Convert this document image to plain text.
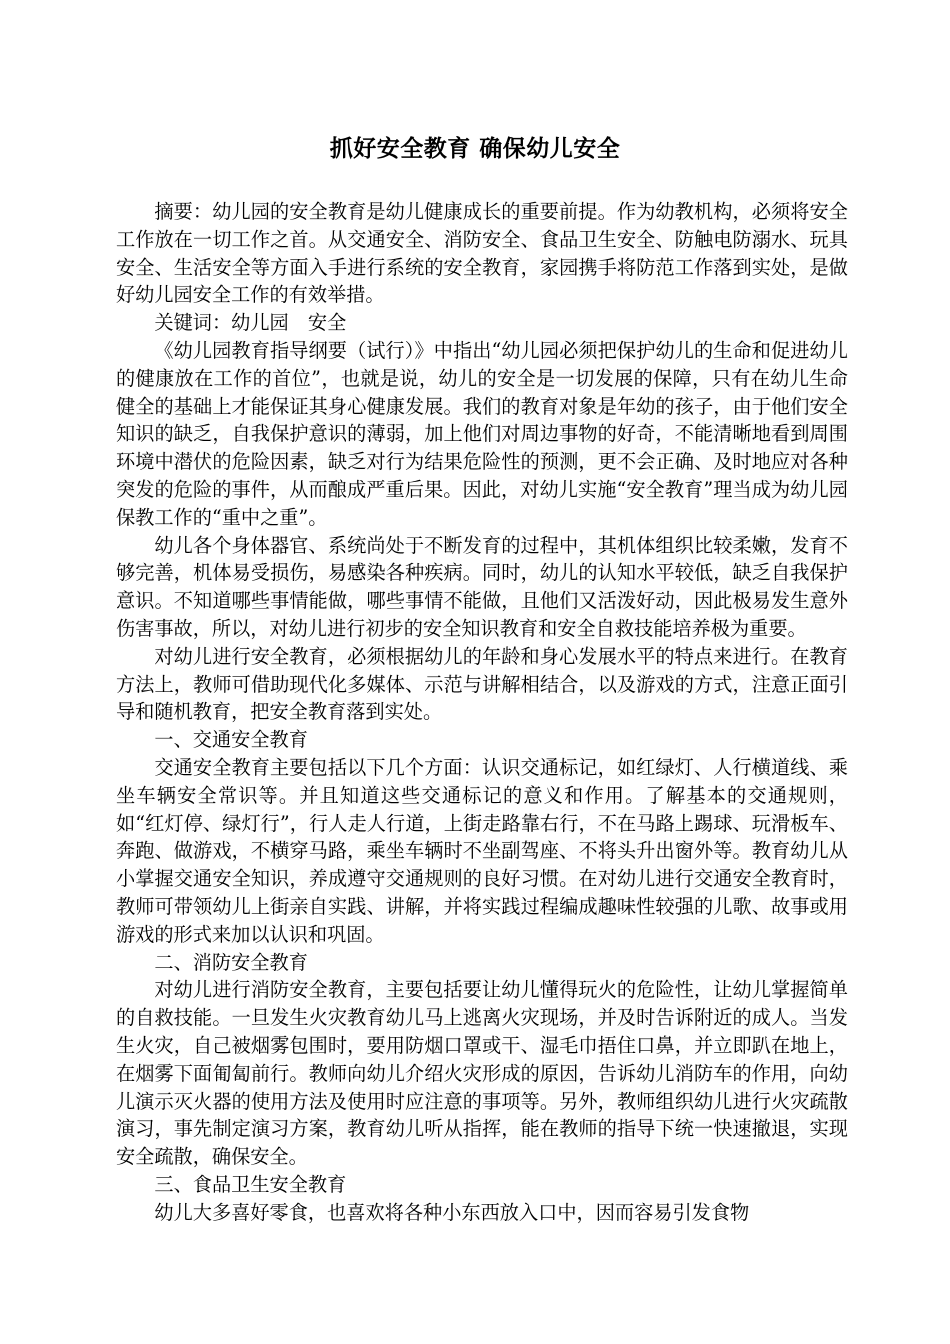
抓好安全教育 确保幼儿安全

摘要：幼儿园的安全教育是幼儿健康成长的重要前提。作为幼教机构，必须将安全工作放在一切工作之首。从交通安全、消防安全、食品卫生安全、防触电防溺水、玩具安全、生活安全等方面入手进行系统的安全教育，家园携手将防范工作落到实处，是做好幼儿园安全工作的有效举措。

关键词：幼儿园　安全

《幼儿园教育指导纲要（试行）》中指出“幼儿园必须把保护幼儿的生命和促进幼儿的健康放在工作的首位”，也就是说，幼儿的安全是一切发展的保障，只有在幼儿生命健全的基础上才能保证其身心健康发展。我们的教育对象是年幼的孩子，由于他们安全知识的缺乏，自我保护意识的薄弱，加上他们对周边事物的好奇，不能清晰地看到周围环境中潜伏的危险因素，缺乏对行为结果危险性的预测，更不会正确、及时地应对各种突发的危险的事件，从而酿成严重后果。因此，对幼儿实施“安全教育”理当成为幼儿园保教工作的“重中之重”。

幼儿各个身体器官、系统尚处于不断发育的过程中，其机体组织比较柔嫩，发育不够完善，机体易受损伤，易感染各种疾病。同时，幼儿的认知水平较低，缺乏自我保护意识。不知道哪些事情能做，哪些事情不能做，且他们又活泼好动，因此极易发生意外伤害事故，所以，对幼儿进行初步的安全知识教育和安全自救技能培养极为重要。

对幼儿进行安全教育，必须根据幼儿的年龄和身心发展水平的特点来进行。在教育方法上，教师可借助现代化多媒体、示范与讲解相结合，以及游戏的方式，注意正面引导和随机教育，把安全教育落到实处。

一、交通安全教育

交通安全教育主要包括以下几个方面：认识交通标记，如红绿灯、人行横道线、乘坐车辆安全常识等。并且知道这些交通标记的意义和作用。了解基本的交通规则，如“红灯停、绿灯行”，行人走人行道，上街走路靠右行，不在马路上踢球、玩滑板车、奔跑、做游戏，不横穿马路，乘坐车辆时不坐副驾座、不将头升出窗外等。教育幼儿从小掌握交通安全知识，养成遵守交通规则的良好习惯。在对幼儿进行交通安全教育时，教师可带领幼儿上街亲自实践、讲解，并将实践过程编成趣味性较强的儿歌、故事或用游戏的形式来加以认识和巩固。

二、消防安全教育

对幼儿进行消防安全教育，主要包括要让幼儿懂得玩火的危险性，让幼儿掌握简单的自救技能。一旦发生火灾教育幼儿马上逃离火灾现场，并及时告诉附近的成人。当发生火灾，自己被烟雾包围时，要用防烟口罩或干、湿毛巾捂住口鼻，并立即趴在地上，在烟雾下面匍匐前行。教师向幼儿介绍火灾形成的原因，告诉幼儿消防车的作用，向幼儿演示灭火器的使用方法及使用时应注意的事项等。另外，教师组织幼儿进行火灾疏散演习，事先制定演习方案，教育幼儿听从指挥，能在教师的指导下统一快速撤退，实现安全疏散，确保安全。

三、食品卫生安全教育

幼儿大多喜好零食，也喜欢将各种小东西放入口中，因而容易引发食物
